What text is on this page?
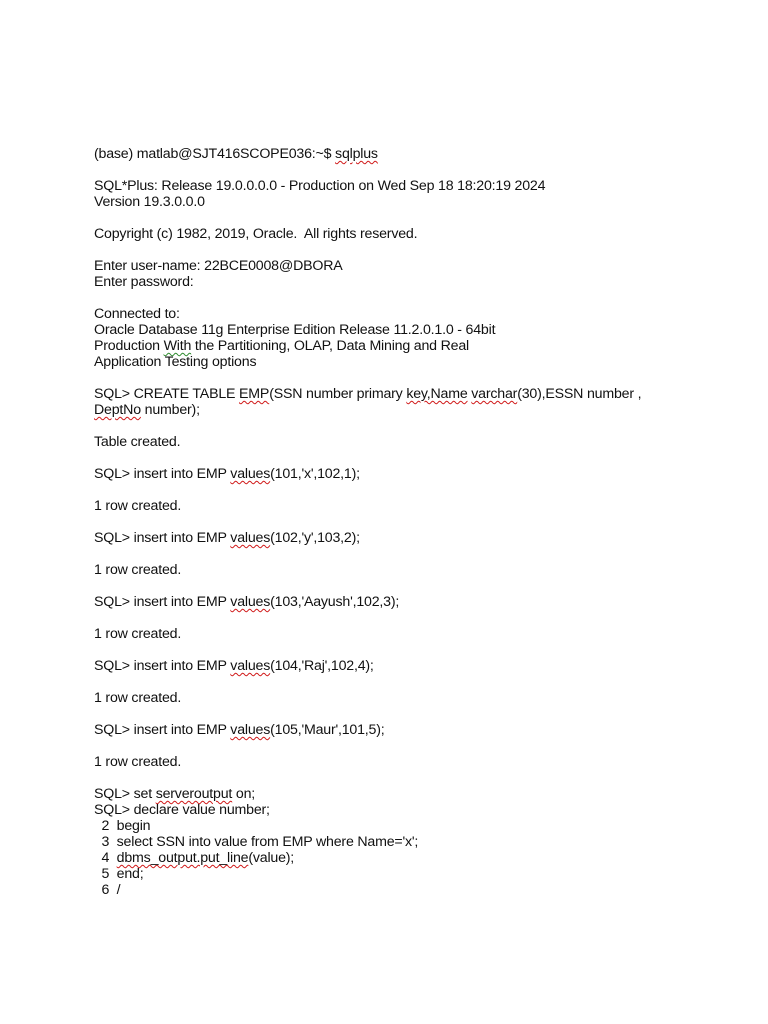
(base) matlab@SJT416SCOPE036:~$ sqlplus
SQL*Plus: Release 19.0.0.0.0 - Production on Wed Sep 18 18:20:19 2024
Version 19.3.0.0.0
Copyright (c) 1982, 2019, Oracle.  All rights reserved.
Enter user-name: 22BCE0008@DBORA
Enter password:
Connected to:
Oracle Database 11g Enterprise Edition Release 11.2.0.1.0 - 64bit
Production With the Partitioning, OLAP, Data Mining and Real
Application Testing options
SQL> CREATE TABLE EMP(SSN number primary key,Name varchar(30),ESSN number ,
DeptNo number);
Table created.
SQL> insert into EMP values(101,'x',102,1);
1 row created.
SQL> insert into EMP values(102,'y',103,2);
1 row created.
SQL> insert into EMP values(103,'Aayush',102,3);
1 row created.
SQL> insert into EMP values(104,'Raj',102,4);
1 row created.
SQL> insert into EMP values(105,'Maur',101,5);
1 row created.
SQL> set serveroutput on;
SQL> declare value number;
2  begin
3  select SSN into value from EMP where Name='x';
4  dbms_output.put_line(value);
5  end;
6  /
